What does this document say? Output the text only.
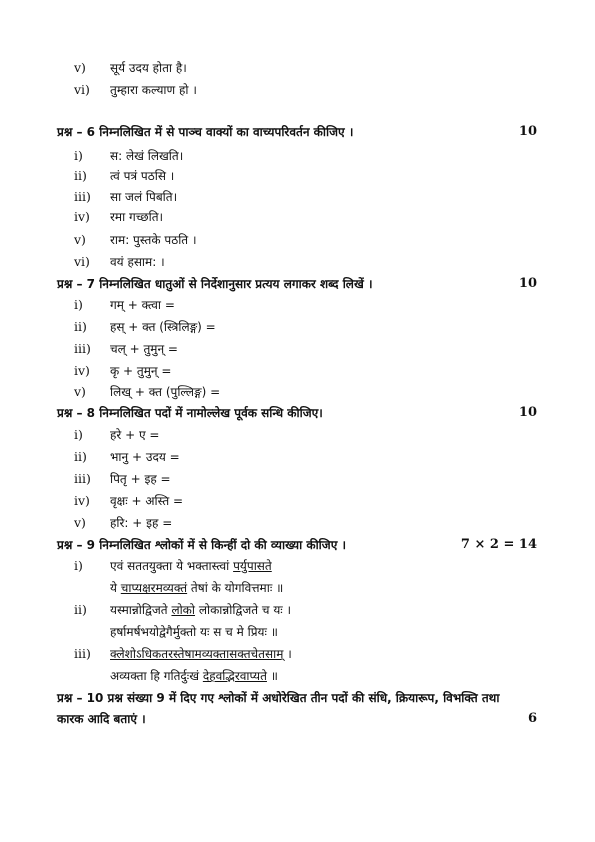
v) सूर्य उदय होता है।
vi) तुम्हारा कल्याण हो ।
प्रश्न – 6 निम्नलिखित में से पाञ्च वाक्यों का वाच्यपरिवर्तन कीजिए ।	10
i) स: लेखं लिखति।
ii) त्वं पत्रं पठसि ।
iii) सा जलं पिबति।
iv) रमा गच्छति।
v) राम: पुस्तके पठति ।
vi) वयं हसाम: ।
प्रश्न – 7 निम्नलिखित धातुओं से निर्देशानुसार प्रत्यय लगाकर शब्द लिखें ।	10
i) गम् + क्त्वा =
ii) हस् + क्त (स्त्रिलिङ्ग) =
iii) चल् + तुमुन् =
iv) कृ + तुमुन् =
v) लिख् + क्त (पुल्लिङ्ग) =
प्रश्न – 8 निम्नलिखित पदों में नामोल्लेख पूर्वक सन्धि कीजिए।	10
i) हरे + ए =
ii) भानु + उदय =
iii) पितृ + इह =
iv) वृक्षः + अस्ति =
v) हरि: + इह =
प्रश्न – 9 निम्नलिखित श्लोकों में से किन्हीं दो की व्याख्या कीजिए ।	7 × 2 = 14
i) एवं सततयुक्ता ये भक्तास्त्वां पर्युपासते
ये चाप्यक्षरमव्यक्तं तेषां के योगवित्तमाः ॥
ii) यस्मान्नोद्विजते लोको लोकान्नोद्विजते च यः ।
हर्षामर्षभयोद्वेगैर्मुक्तो यः स च मे प्रियः ॥
iii) क्लेशोऽधिकतरस्तेषामव्यक्तासक्तचेतसाम् ।
अव्यक्ता हि गतिर्दुःखं देहवद्भिरवाप्यते ॥
प्रश्न – 10 प्रश्न संख्या 9 में दिए गए श्लोकों में अधोरेखित तीन पदों की संधि, क्रियारूप, विभक्ति तथा
कारक आदि बताएं ।	6
